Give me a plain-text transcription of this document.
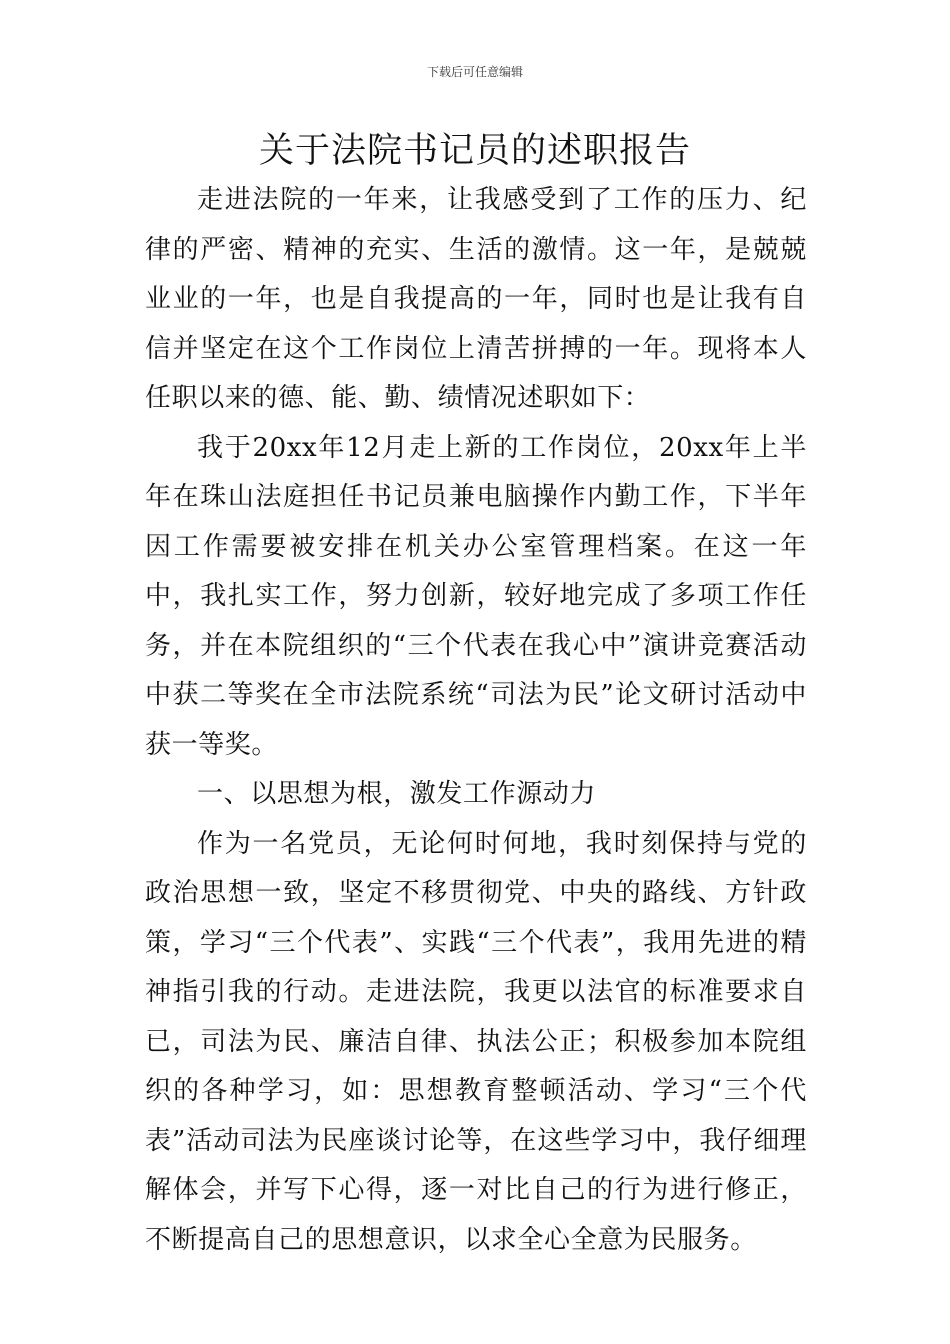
下载后可任意编辑
关于法院书记员的述职报告

走进法院的一年来，让我感受到了工作的压力、纪律的严密、精神的充实、生活的激情。这一年，是兢兢业业的一年，也是自我提高的一年，同时也是让我有自信并坚定在这个工作岗位上清苦拼搏的一年。现将本人任职以来的德、能、勤、绩情况述职如下：

我于20xx年12月走上新的工作岗位，20xx年上半年在珠山法庭担任书记员兼电脑操作内勤工作，下半年因工作需要被安排在机关办公室管理档案。在这一年中，我扎实工作，努力创新，较好地完成了多项工作任务，并在本院组织的“三个代表在我心中”演讲竞赛活动中获二等奖在全市法院系统“司法为民”论文研讨活动中获一等奖。

一、以思想为根，激发工作源动力

作为一名党员，无论何时何地，我时刻保持与党的政治思想一致，坚定不移贯彻党、中央的路线、方针政策，学习“三个代表”、实践“三个代表”，我用先进的精神指引我的行动。走进法院，我更以法官的标准要求自已，司法为民、廉洁自律、执法公正；积极参加本院组织的各种学习，如：思想教育整顿活动、学习“三个代表”活动司法为民座谈讨论等，在这些学习中，我仔细理解体会，并写下心得，逐一对比自己的行为进行修正，不断提高自己的思想意识，以求全心全意为民服务。
